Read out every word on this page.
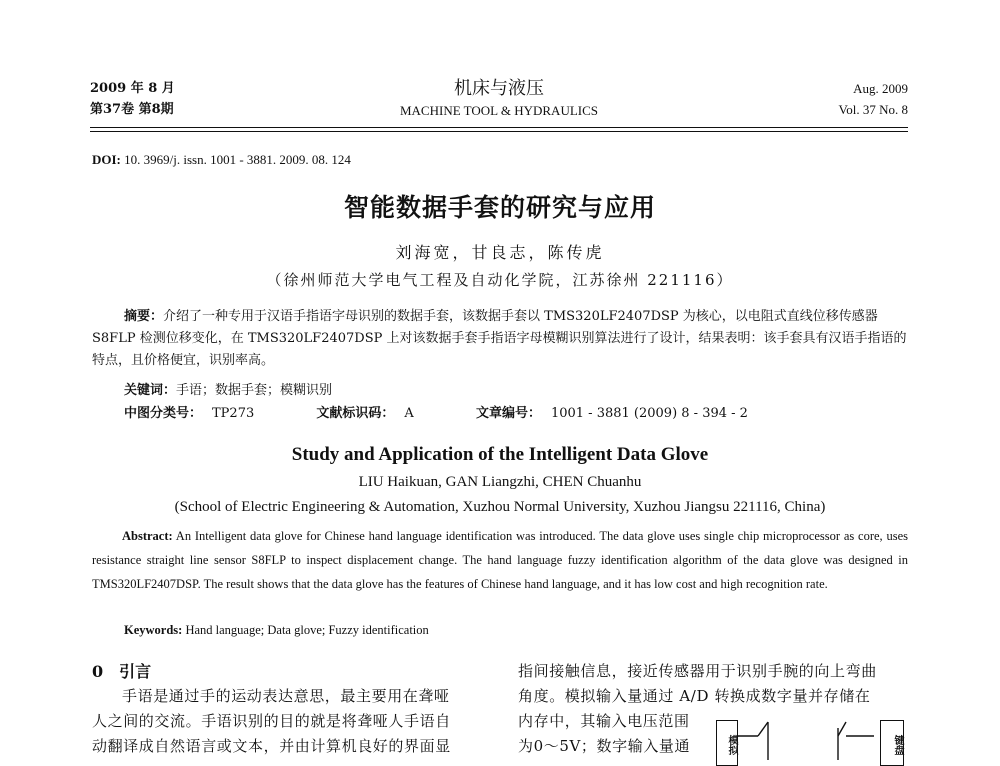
2009 年 8 月
第37卷 第8期
机床与液压
MACHINE TOOL & HYDRAULICS
Aug. 2009
Vol. 37 No. 8
DOI: 10. 3969/j. issn. 1001 - 3881. 2009. 08. 124
智能数据手套的研究与应用
刘海宽，甘良志，陈传虎
（徐州师范大学电气工程及自动化学院，江苏徐州 221116）
摘要：介绍了一种专用于汉语手指语字母识别的数据手套，该数据手套以 TMS320LF2407DSP 为核心，以电阻式直线位移传感器 S8FLP 检测位移变化，在 TMS320LF2407DSP 上对该数据手套手指语字母模糊识别算法进行了设计，结果表明：该手套具有汉语手指语的特点，且价格便宜，识别率高。
关键词：手语；数据手套；模糊识别
中图分类号： TP273	文献标识码： A	文章编号： 1001 - 3881 (2009) 8 - 394 - 2
Study and Application of the Intelligent Data Glove
LIU Haikuan, GAN Liangzhi, CHEN Chuanhu
(School of Electric Engineering & Automation, Xuzhou Normal University, Xuzhou Jiangsu 221116, China)
Abstract: An Intelligent data glove for Chinese hand language identification was introduced. The data glove uses single chip microprocessor as core, uses resistance straight line sensor S8FLP to inspect displacement change. The hand language fuzzy identification algorithm of the data glove was designed in TMS320LF2407DSP. The result shows that the data glove has the features of Chinese hand language, and it has low cost and high recognition rate.
Keywords: Hand language; Data glove; Fuzzy identification
0 引言
手语是通过手的运动表达意思，最主要用在聋哑
人之间的交流。手语识别的目的就是将聋哑人手语自
动翻译成自然语言或文本，并由计算机良好的界面显
指间接触信息，接近传感器用于识别手腕的向上弯曲
角度。模拟输入量通过 A/D 转换成数字量并存储在
内存中，其输入电压范围
为0～5V；数字输入量通	模拟	键盘
